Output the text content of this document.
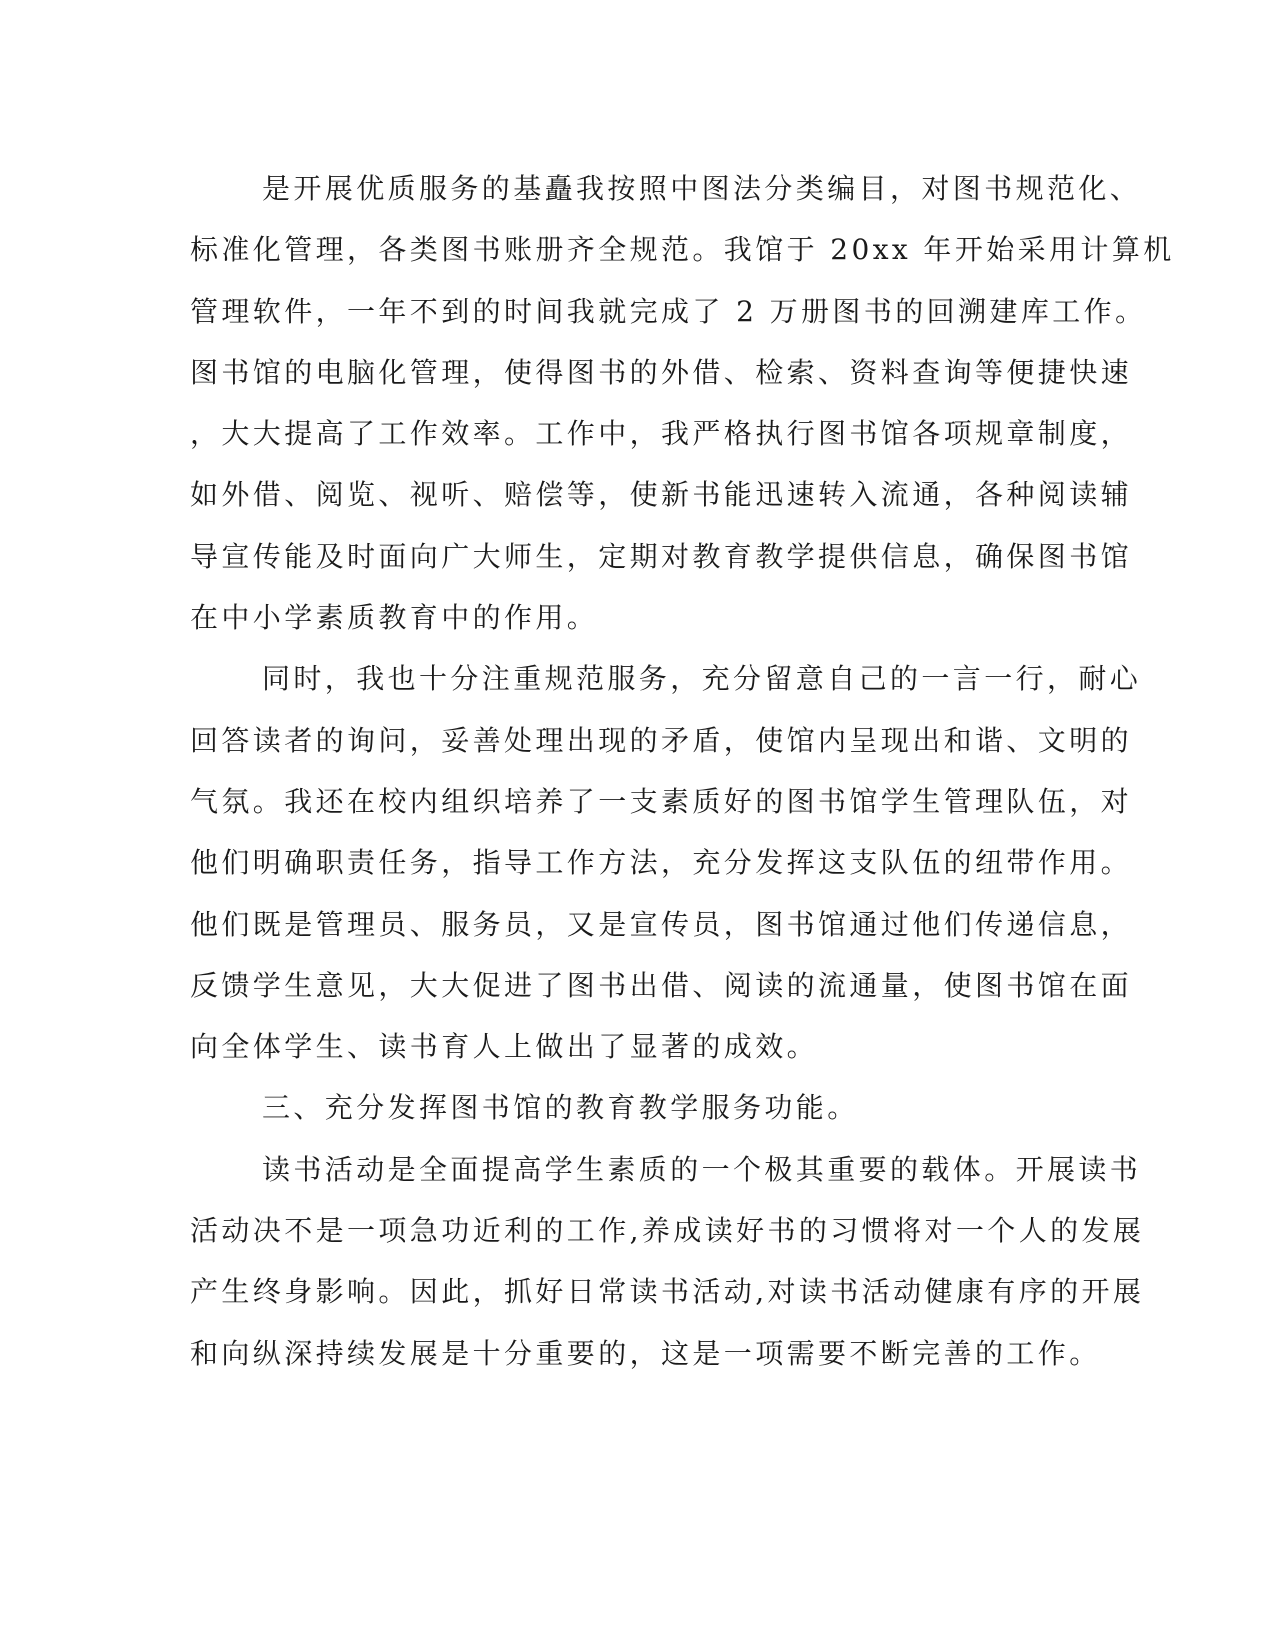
是开展优质服务的基矗我按照中图法分类编目，对图书规范化、
标准化管理，各类图书账册齐全规范。我馆于 20xx 年开始采用计算机
管理软件，一年不到的时间我就完成了 2 万册图书的回溯建库工作。
图书馆的电脑化管理，使得图书的外借、检索、资料查询等便捷快速
，大大提高了工作效率。工作中，我严格执行图书馆各项规章制度，
如外借、阅览、视听、赔偿等，使新书能迅速转入流通，各种阅读辅
导宣传能及时面向广大师生，定期对教育教学提供信息，确保图书馆
在中小学素质教育中的作用。
同时，我也十分注重规范服务，充分留意自己的一言一行，耐心
回答读者的询问，妥善处理出现的矛盾，使馆内呈现出和谐、文明的
气氛。我还在校内组织培养了一支素质好的图书馆学生管理队伍，对
他们明确职责任务，指导工作方法，充分发挥这支队伍的纽带作用。
他们既是管理员、服务员，又是宣传员，图书馆通过他们传递信息，
反馈学生意见，大大促进了图书出借、阅读的流通量，使图书馆在面
向全体学生、读书育人上做出了显著的成效。
三、充分发挥图书馆的教育教学服务功能。
读书活动是全面提高学生素质的一个极其重要的载体。开展读书
活动决不是一项急功近利的工作,养成读好书的习惯将对一个人的发展
产生终身影响。因此，抓好日常读书活动,对读书活动健康有序的开展
和向纵深持续发展是十分重要的，这是一项需要不断完善的工作。
